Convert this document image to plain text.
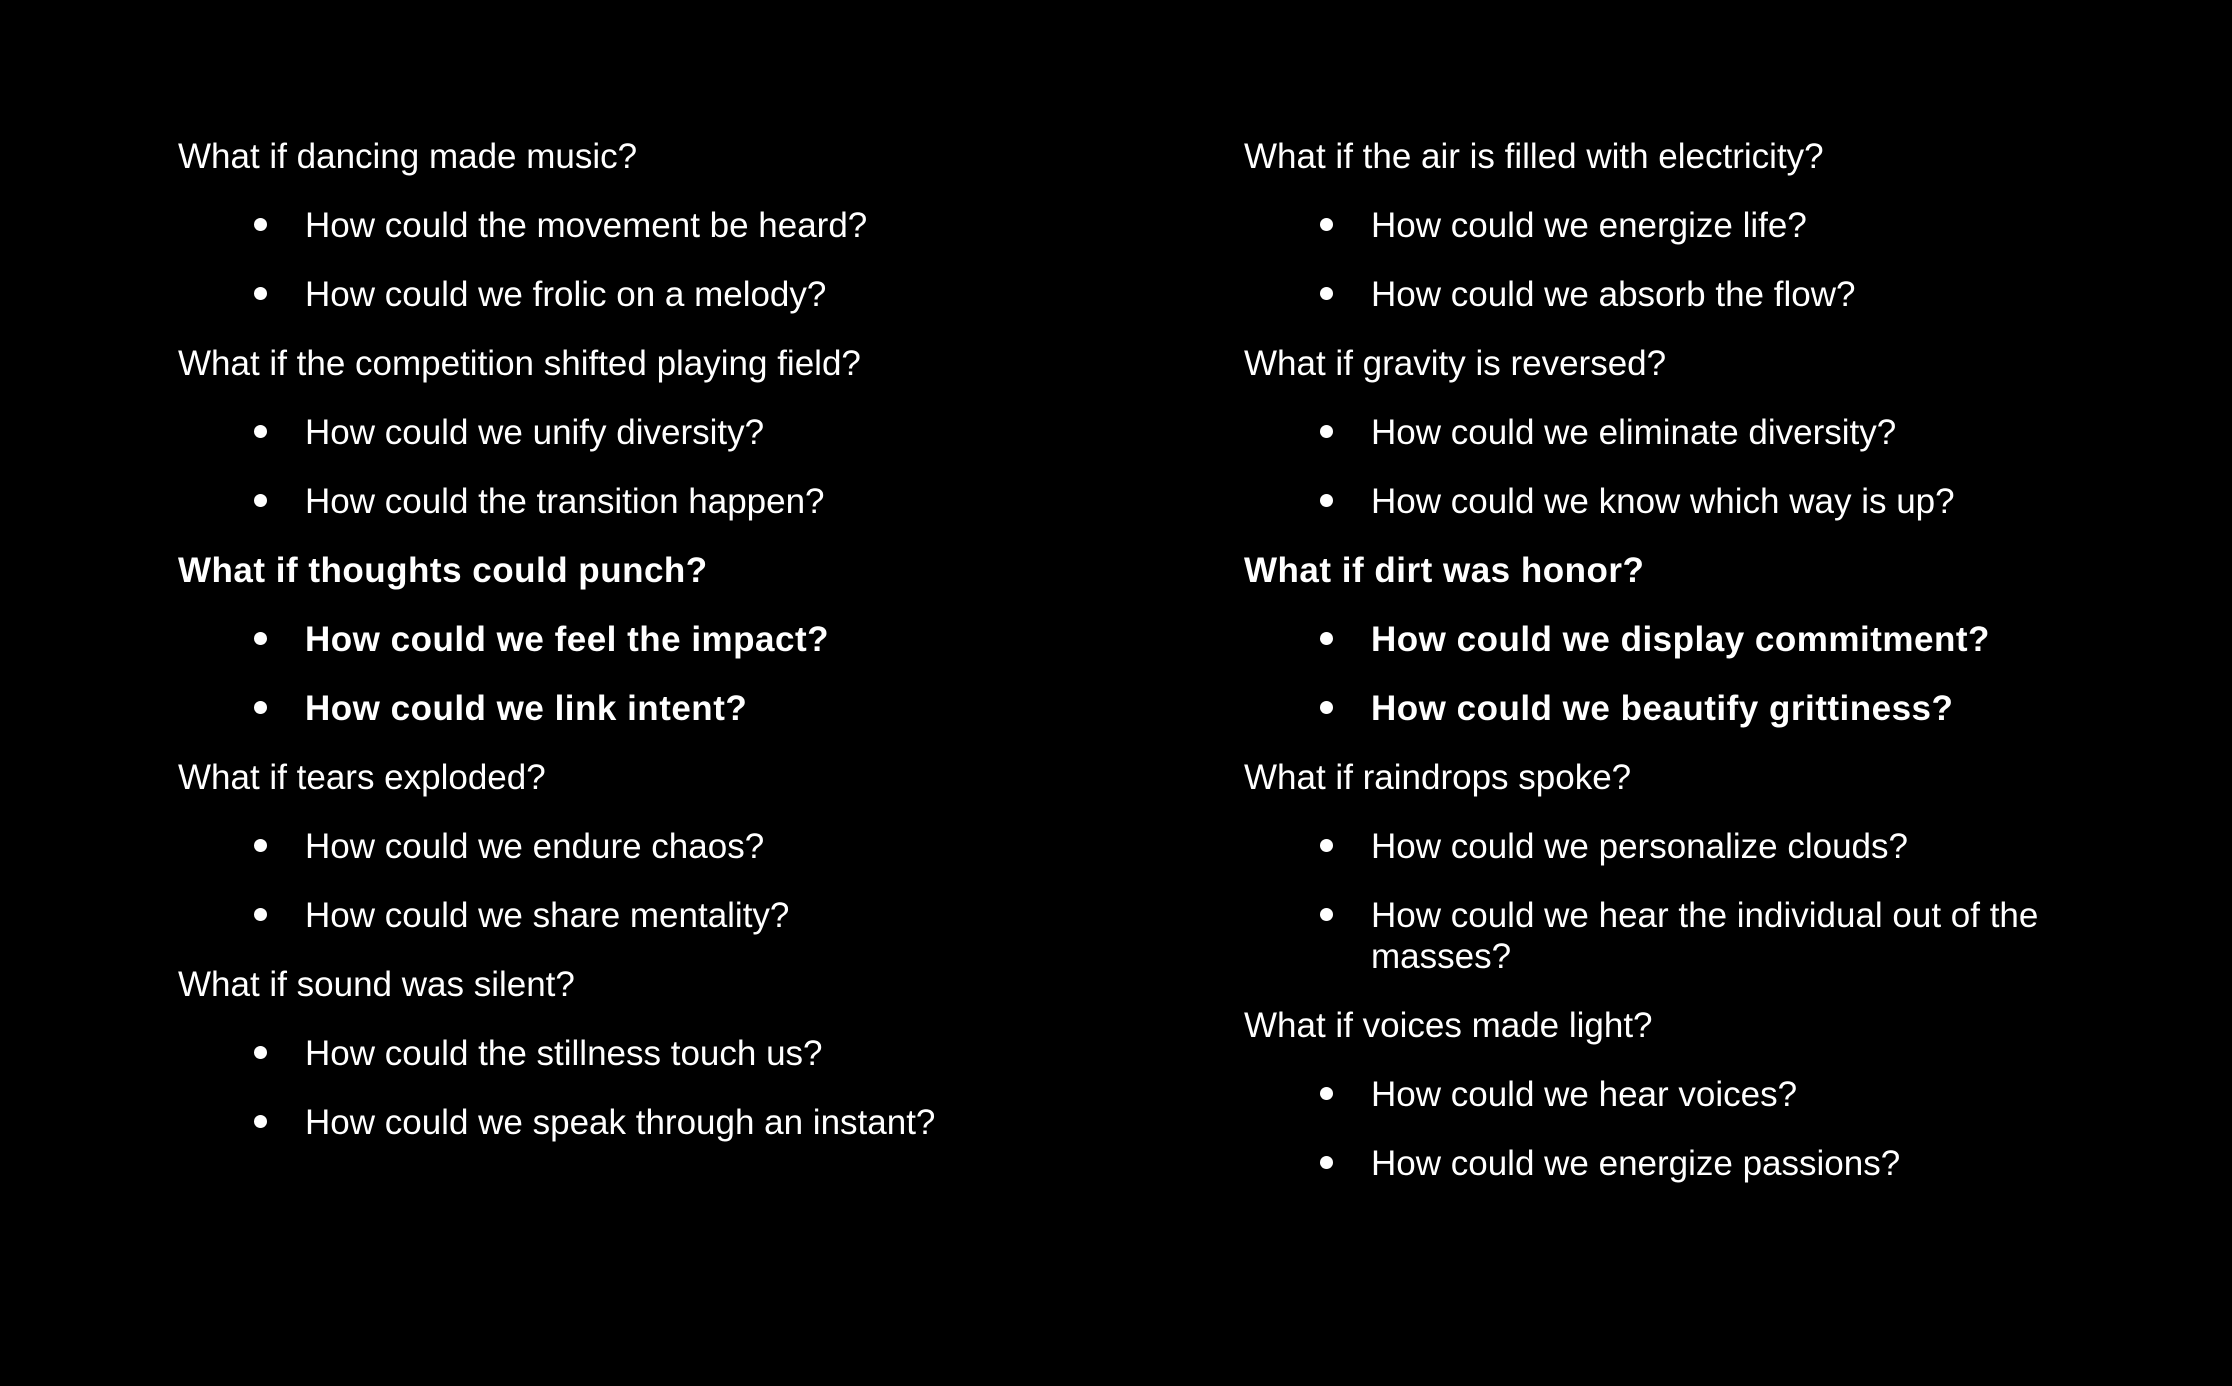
What if dancing made music?
How could the movement be heard?
How could we frolic on a melody?
What if the competition shifted playing field?
How could we unify diversity?
How could the transition happen?
What if thoughts could punch?
How could we feel the impact?
How could we link intent?
What if tears exploded?
How could we endure chaos?
How could we share mentality?
What if sound was silent?
How could the stillness touch us?
How could we speak through an instant?
What if the air is filled with electricity?
How could we energize life?
How could we absorb the flow?
What if gravity is reversed?
How could we eliminate diversity?
How could we know which way is up?
What if dirt was honor?
How could we display commitment?
How could we beautify grittiness?
What if raindrops spoke?
How could we personalize clouds?
How could we hear the individual out of the masses?
What if voices made light?
How could we hear voices?
How could we energize passions?
